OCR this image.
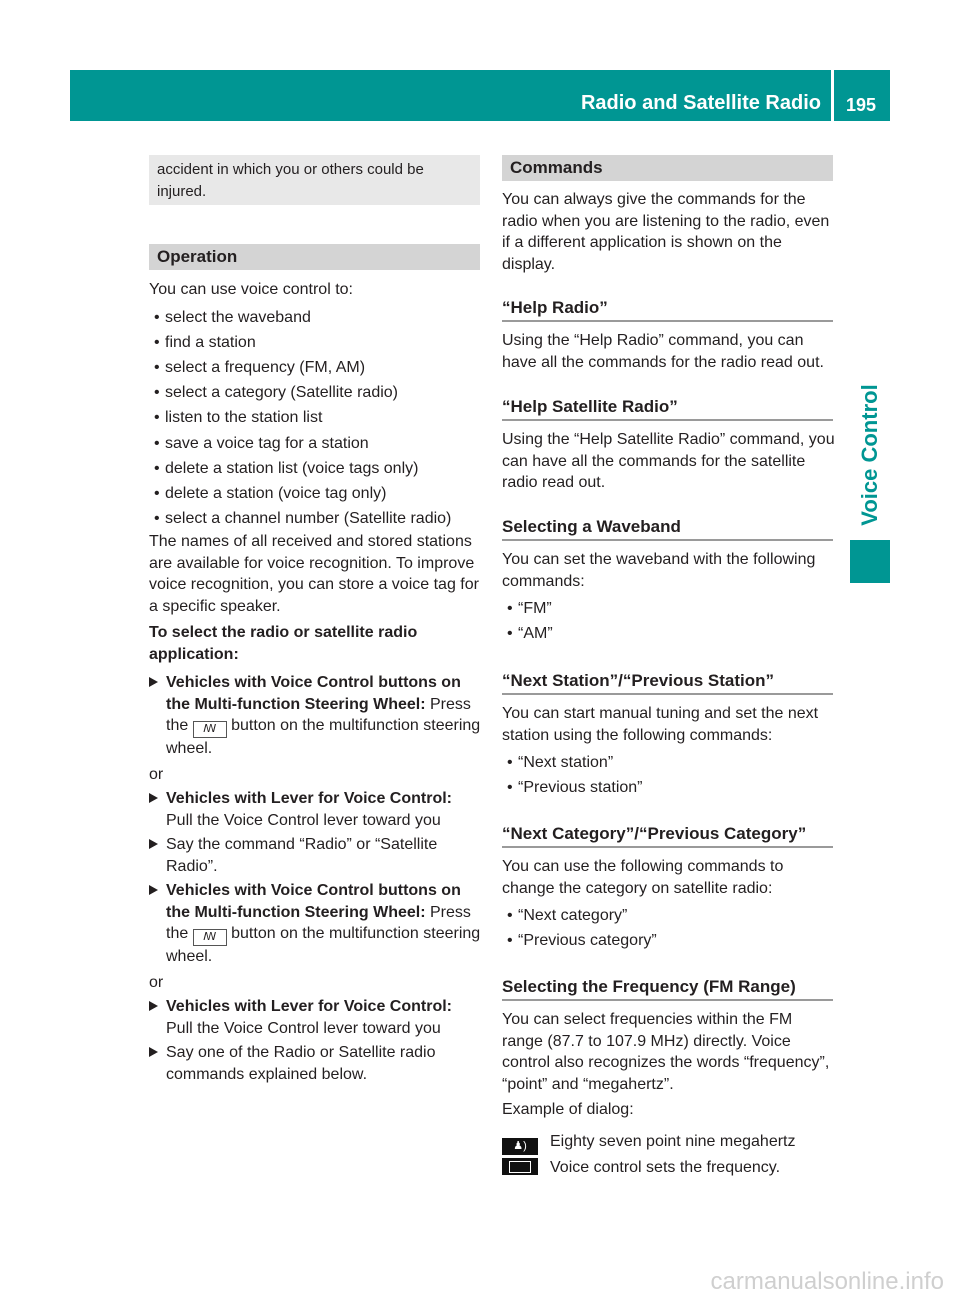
Radio and Satellite Radio 195
Voice Control
accident in which you or others could be injured.
Operation
You can use voice control to:
• select the waveband
• find a station
• select a frequency (FM, AM)
• select a category (Satellite radio)
• listen to the station list
• save a voice tag for a station
• delete a station list (voice tags only)
• delete a station (voice tag only)
• select a channel number (Satellite radio)
The names of all received and stored stations are available for voice recognition. To improve voice recognition, you can store a voice tag for a specific speaker.
To select the radio or satellite radio application:
Vehicles with Voice Control buttons on the Multi-function Steering Wheel: Press the ꟿ button on the multifunction steering wheel.
or
Vehicles with Lever for Voice Control: Pull the Voice Control lever toward you
Say the command “Radio” or “Satellite Radio”.
Vehicles with Voice Control buttons on the Multi-function Steering Wheel: Press the ꟿ button on the multifunction steering wheel.
or
Vehicles with Lever for Voice Control: Pull the Voice Control lever toward you
Say one of the Radio or Satellite radio commands explained below.
Commands
You can always give the commands for the radio when you are listening to the radio, even if a different application is shown on the display.
“Help Radio”
Using the “Help Radio” command, you can have all the commands for the radio read out.
“Help Satellite Radio”
Using the “Help Satellite Radio” command, you can have all the commands for the satellite radio read out.
Selecting a Waveband
You can set the waveband with the following commands:
• “FM”
• “AM”
“Next Station”/“Previous Station”
You can start manual tuning and set the next station using the following commands:
• “Next station”
• “Previous station”
“Next Category”/“Previous Category”
You can use the following commands to change the category on satellite radio:
• “Next category”
• “Previous category”
Selecting the Frequency (FM Range)
You can select frequencies within the FM range (87.7 to 107.9 MHz) directly. Voice control also recognizes the words “frequency”, “point” and “megahertz”.
Example of dialog:
♟) Eighty seven point nine megahertz
Voice control sets the frequency.
carmanualsonline.info
